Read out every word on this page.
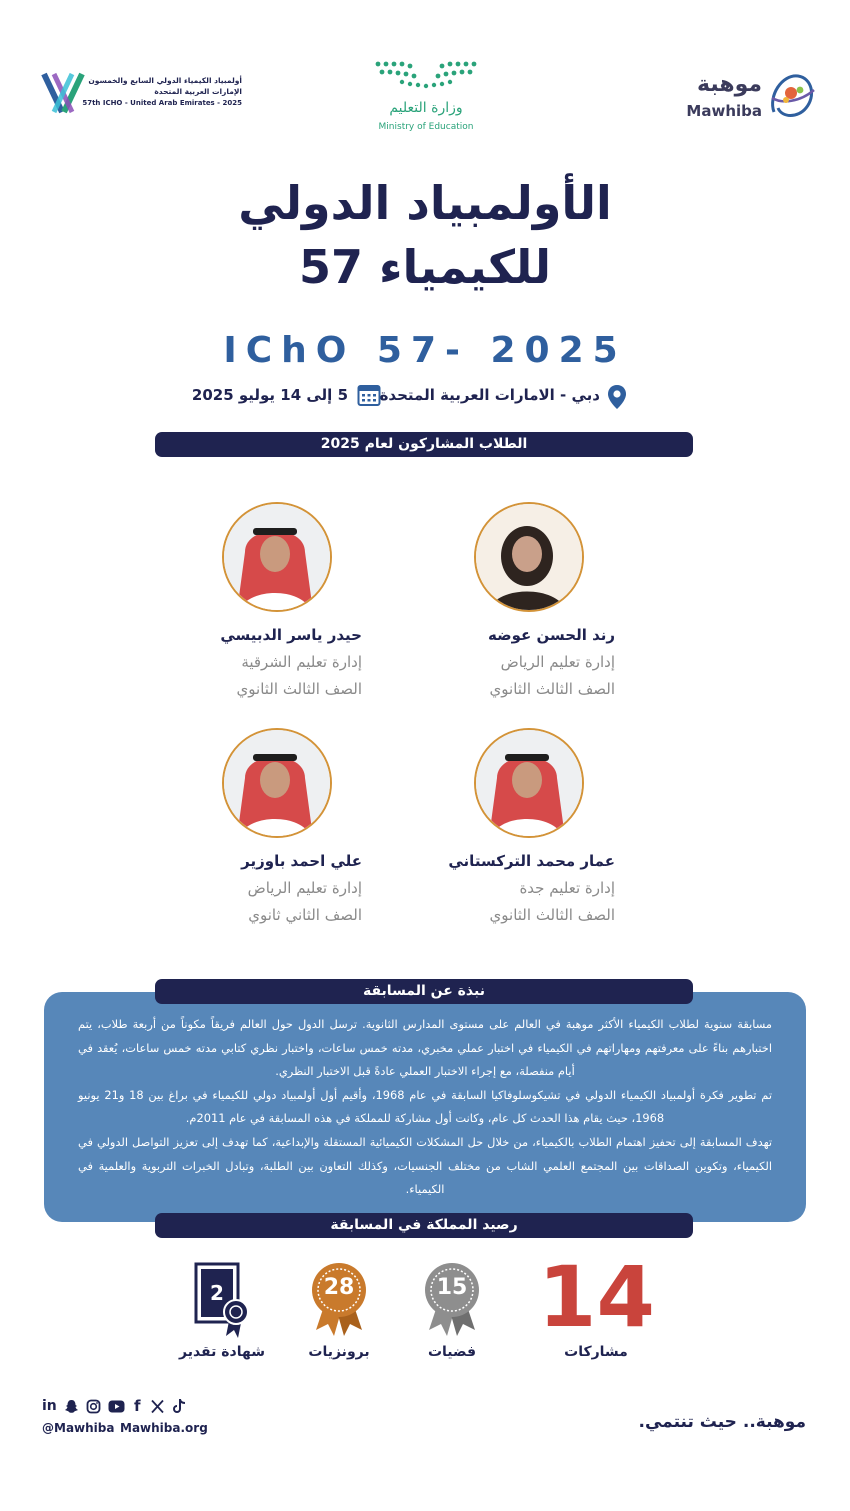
موهبة
Mawhiba
وزارة التعليم
Ministry of Education
أولمبياد الكيمياء الدولي السابع والخمسون
الإمارات العربية المتحدة
57th ICHO - United Arab Emirates - 2025
الأولمبياد الدولي
للكيمياء 57
IChO 57- 2025
دبي - الامارات العربية المتحدة
5 إلى 14 يوليو 2025
الطلاب المشاركون لعام 2025
رند الحسن عوضه
إدارة تعليم الرياض
الصف الثالث الثانوي
حيدر ياسر الدبيسي
إدارة تعليم الشرقية
الصف الثالث الثانوي
عمار محمد التركستاني
إدارة تعليم جدة
الصف الثالث الثانوي
علي احمد باوزير
إدارة تعليم الرياض
الصف الثاني ثانوي
نبذة عن المسابقة

مسابقة سنوية لطلاب الكيمياء الأكثر موهبة في العالم على مستوى المدارس الثانوية. ترسل الدول حول العالم فريقاً مكوناً من أربعة طلاب، يتم اختبارهم بناءً على معرفتهم ومهاراتهم في الكيمياء في اختبار عملي مخبري، مدته خمس ساعات، واختبار نظري كتابي مدته خمس ساعات، يُعقد في أيام منفصلة، مع إجراء الاختبار العملي عادةً قبل الاختبار النظري.

تم تطوير فكرة أولمبياد الكيمياء الدولي في تشيكوسلوفاكيا السابقة في عام 1968، وأقيم أول أولمبياد دولي للكيمياء في براغ بين 18 و21 يونيو 1968، حيث يقام هذا الحدث كل عام، وكانت أول مشاركة للمملكة في هذه المسابقة في عام 2011م.

تهدف المسابقة إلى تحفيز اهتمام الطلاب بالكيمياء، من خلال حل المشكلات الكيميائية المستقلة والإبداعية، كما تهدف إلى تعزيز التواصل الدولي في الكيمياء، وتكوين الصداقات بين المجتمع العلمي الشاب من مختلف الجنسيات، وكذلك التعاون بين الطلبة، وتبادل الخبرات التربوية والعلمية في الكيمياء.

رصيد المملكة في المسابقة
14
مشاركات
15
فضيات
28
برونزيات
2
شهادة تقدير
in	f
@Mawhiba Mawhiba.org	موهبة.. حيث تنتمي.
